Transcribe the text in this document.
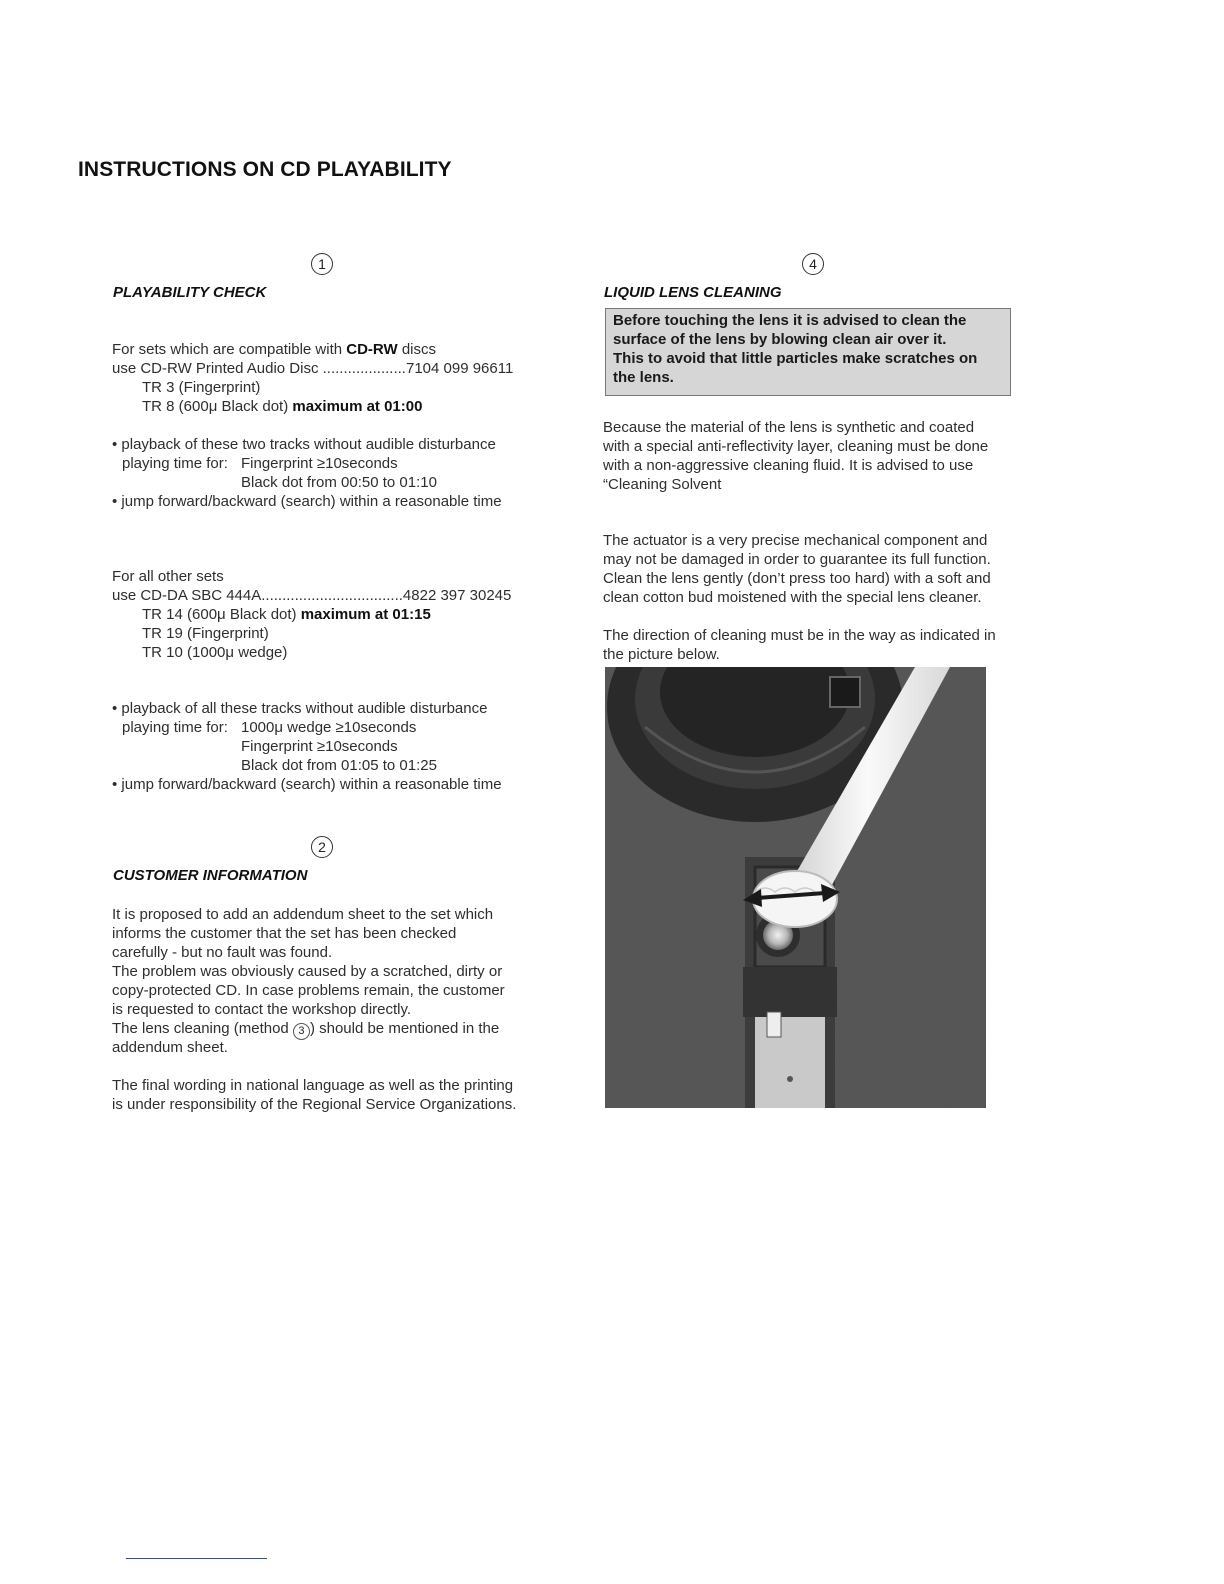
INSTRUCTIONS ON CD PLAYABILITY
1
PLAYABILITY CHECK
For sets which are compatible with CD-RW discs
use CD-RW Printed Audio Disc ....................7104 099 96611
TR 3 (Fingerprint)
TR 8 (600μ Black dot) maximum at 01:00
• playback of these two tracks without audible disturbance
playing time for: Fingerprint ≥10seconds
Black dot from 00:50 to 01:10
• jump forward/backward (search) within a reasonable time
For all other sets
use CD-DA SBC 444A..................................4822 397 30245
TR 14 (600μ Black dot) maximum at 01:15
TR 19 (Fingerprint)
TR 10 (1000μ wedge)
• playback of all these tracks without audible disturbance
playing time for: 1000μ wedge ≥10seconds
Fingerprint ≥10seconds
Black dot from 01:05 to 01:25
• jump forward/backward (search) within a reasonable time
2
CUSTOMER INFORMATION
It is proposed to add an addendum sheet to the set which
informs the customer that the set has been checked
carefully - but no fault was found.
The problem was obviously caused by a scratched, dirty or
copy-protected CD. In case problems remain, the customer
is requested to contact the workshop directly.
The lens cleaning (method 3 ) should be mentioned in the
addendum sheet.
The final wording in national language as well as the printing
is under responsibility of the Regional Service Organizations.
4
LIQUID LENS CLEANING
Before touching the lens it is advised to clean the
surface of the lens by blowing clean air over it.
This to avoid that little particles make scratches on
the lens.
Because the material of the lens is synthetic and coated
with a special anti-reflectivity layer, cleaning must be done
with a non-aggressive cleaning fluid. It is advised to use
“Cleaning Solvent
The actuator is a very precise mechanical component and
may not be damaged in order to guarantee its full function.
Clean the lens gently (don’t press too hard) with a soft and
clean cotton bud moistened with the special lens cleaner.
The direction of cleaning must be in the way as indicated in
the picture below.
